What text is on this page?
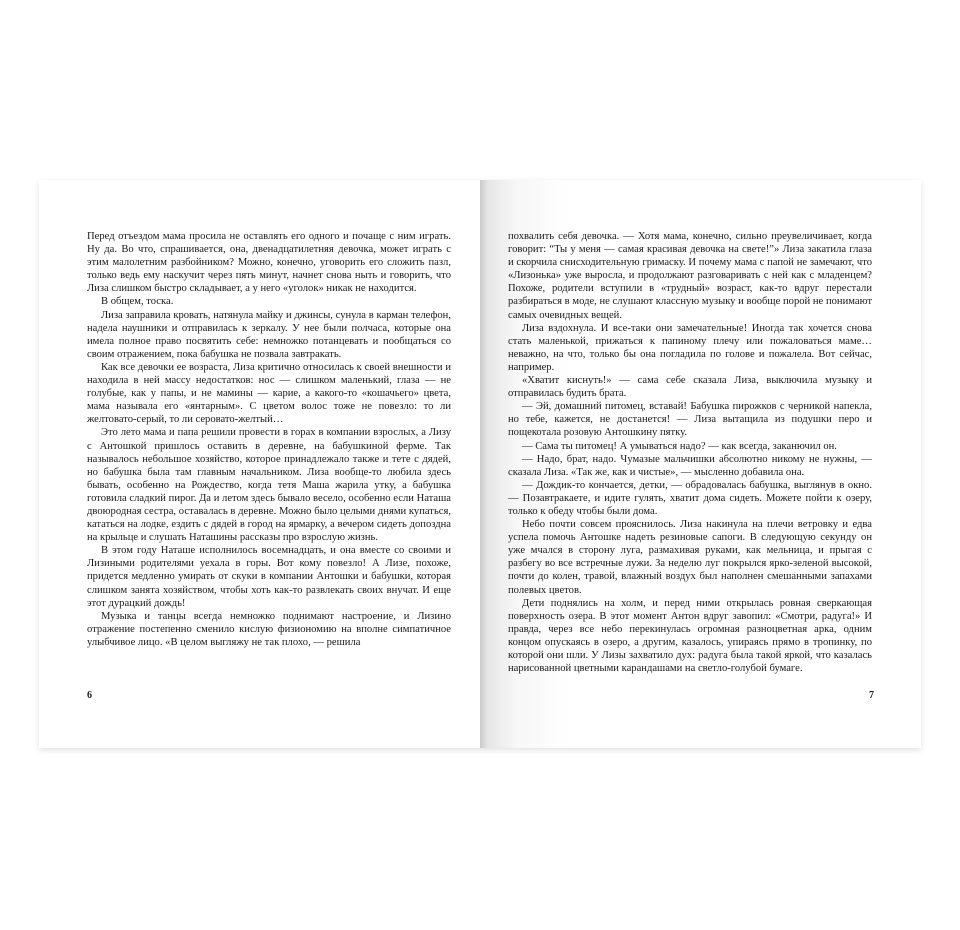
Перед отъездом мама просила не оставлять его одного и почаще с ним играть. Ну да. Во что, спрашивается, она, двенадцатилетняя девочка, может играть с этим малолетним разбойником? Можно, конечно, уговорить его сложить пазл, только ведь ему наскучит через пять минут, начнет снова ныть и говорить, что Лиза слишком быстро складывает, а у него «уголок» никак не находится.

В общем, тоска.

Лиза заправила кровать, натянула майку и джинсы, сунула в карман телефон, надела наушники и отправилась к зеркалу. У нее были полчаса, которые она имела полное право посвятить себе: немножко потанцевать и пообщаться со своим отражением, пока бабушка не позвала завтракать.

Как все девочки ее возраста, Лиза критично относилась к своей внешности и находила в ней массу недостатков: нос — слишком маленький, глаза — не голубые, как у папы, и не мамины — карие, а какого-то «кошачьего» цвета, мама называла его «янтарным». С цветом волос тоже не повезло: то ли желтовато-серый, то ли серовато-желтый…

Это лето мама и папа решили провести в горах в компании взрослых, а Лизу с Антошкой пришлось оставить в деревне, на бабушкиной ферме. Так называлось небольшое хозяйство, которое принадлежало также и тете с дядей, но бабушка была там главным начальником. Лиза вообще-то любила здесь бывать, особенно на Рождество, когда тетя Маша жарила утку, а бабушка готовила сладкий пирог. Да и летом здесь бывало весело, особенно если Наташа двоюродная сестра, оставалась в деревне. Можно было целыми днями купаться, кататься на лодке, ездить с дядей в город на ярмарку, а вечером сидеть допоздна на крыльце и слушать Наташины рассказы про взрослую жизнь.

В этом году Наташе исполнилось восемнадцать, и она вместе со своими и Лизиными родителями уехала в горы. Вот кому повезло! А Лизе, похоже, придется медленно умирать от скуки в компании Антошки и бабушки, которая слишком занята хозяйством, чтобы хоть как-то развлекать своих внучат. И еще этот дурацкий дождь!

Музыка и танцы всегда немножко поднимают настроение, и Лизино отражение постепенно сменило кислую физиономию на вполне симпатичное улыбчивое лицо. «В целом выгляжу не так плохо, — решила

6

похвалить себя девочка. — Хотя мама, конечно, сильно преувеличивает, когда говорит: “Ты у меня — самая красивая девочка на свете!”» Лиза закатила глаза и скорчила снисходительную гримаску. И почему мама с папой не замечают, что «Лизонька» уже выросла, и продолжают разговаривать с ней как с младенцем? Похоже, родители вступили в «трудный» возраст, как-то вдруг перестали разбираться в моде, не слушают классную музыку и вообще порой не понимают самых очевидных вещей.

Лиза вздохнула. И все-таки они замечательные! Иногда так хочется снова стать маленькой, прижаться к папиному плечу или пожаловаться маме… неважно, на что, только бы она погладила по голове и пожалела. Вот сейчас, например.

«Хватит киснуть!» — сама себе сказала Лиза, выключила музыку и отправилась будить брата.

— Эй, домашний питомец, вставай! Бабушка пирожков с черникой напекла, но тебе, кажется, не достанется! — Лиза вытащила из подушки перо и пощекотала розовую Антошкину пятку.

— Сама ты питомец! А умываться надо? — как всегда, заканючил он.

— Надо, брат, надо. Чумазые мальчишки абсолютно никому не нужны, — сказала Лиза. «Так же, как и чистые», — мысленно добавила она.

— Дождик-то кончается, детки, — обрадовалась бабушка, выглянув в окно. — Позавтракаете, и идите гулять, хватит дома сидеть. Можете пойти к озеру, только к обеду чтобы были дома.

Небо почти совсем прояснилось. Лиза накинула на плечи ветровку и едва успела помочь Антошке надеть резиновые сапоги. В следующую секунду он уже мчался в сторону луга, размахивая руками, как мельница, и прыгая с разбегу во все встречные лужи. За неделю луг покрылся ярко-зеленой высокой, почти до колен, травой, влажный воздух был наполнен смешанными запахами полевых цветов.

Дети поднялись на холм, и перед ними открылась ровная сверкающая поверхность озера. В этот момент Антон вдруг завопил: «Смотри, радуга!» И правда, через все небо перекинулась огромная разноцветная арка, одним концом опускаясь в озеро, а другим, казалось, упираясь прямо в тропинку, по которой они шли. У Лизы захватило дух: радуга была такой яркой, что казалась нарисованной цветными карандашами на светло-голубой бумаге.

7
